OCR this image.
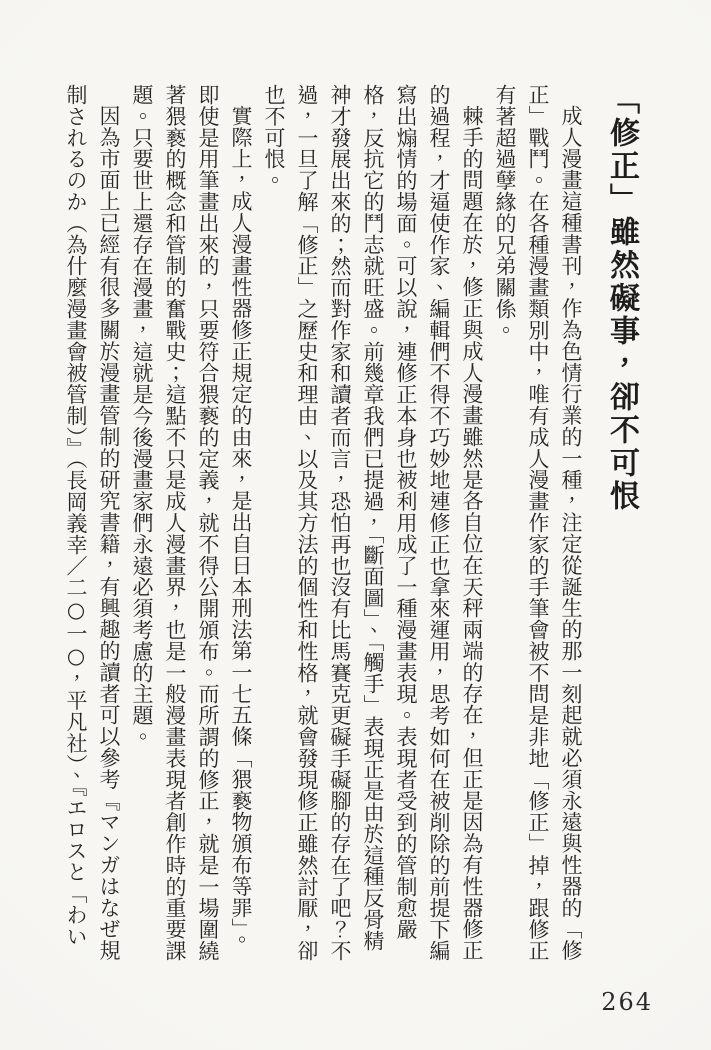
「修正」雖然礙事，卻不可恨

成人漫畫這種書刊，作為色情行業的一種，注定從誕生的那一刻起就必須永遠與性器的「修正」戰鬥。在各種漫畫類別中，唯有成人漫畫作家的手筆會被不問是非地「修正」掉，跟修正有著超過孽緣的兄弟關係。

棘手的問題在於，修正與成人漫畫雖然是各自位在天秤兩端的存在，但正是因為有性器修正的過程，才逼使作家、編輯們不得不巧妙地連修正也拿來運用，思考如何在被削除的前提下編寫出煽情的場面。可以說，連修正本身也被利用成了一種漫畫表現。表現者受到的管制愈嚴格，反抗它的鬥志就旺盛。前幾章我們已提過，「斷面圖」、「觸手」表現正是由於這種反骨精神才發展出來的；然而對作家和讀者而言，恐怕再也沒有比馬賽克更礙手礙腳的存在了吧？不過，一旦了解「修正」之歷史和理由、以及其方法的個性和性格，就會發現修正雖然討厭，卻也不可恨。

實際上，成人漫畫性器修正規定的由來，是出自日本刑法第一七五條「猥褻物頒布等罪」。即使是用筆畫出來的，只要符合猥褻的定義，就不得公開頒布。而所謂的修正，就是一場圍繞著猥褻的概念和管制的奮戰史；這點不只是成人漫畫界，也是一般漫畫表現者創作時的重要課題。只要世上還存在漫畫，這就是今後漫畫家們永遠必須考慮的主題。

因為市面上已經有很多關於漫畫管制的研究書籍，有興趣的讀者可以參考『マンガはなぜ規制されるのか（為什麼漫畫會被管制）』（長岡義幸／二○一○，平凡社）、『エロスと「わい

264
